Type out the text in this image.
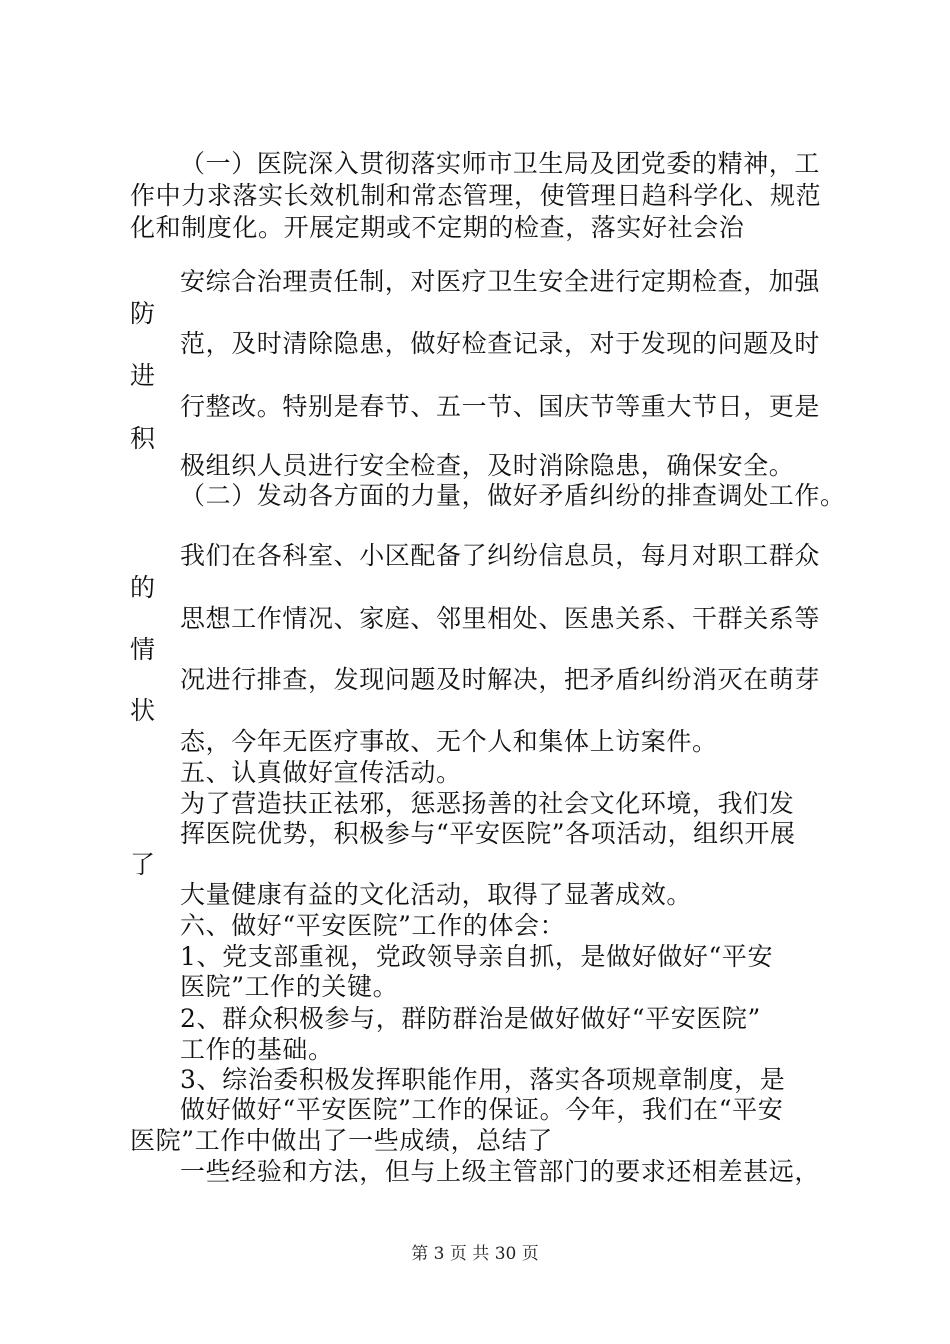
（一）医院深入贯彻落实师市卫生局及团党委的精神，工
作中力求落实长效机制和常态管理，使管理日趋科学化、规范
化和制度化。开展定期或不定期的检查，落实好社会治
安综合治理责任制，对医疗卫生安全进行定期检查，加强
防
范，及时清除隐患，做好检查记录，对于发现的问题及时
进
行整改。特别是春节、五一节、国庆节等重大节日，更是
积
极组织人员进行安全检查，及时消除隐患，确保安全。
（二）发动各方面的力量，做好矛盾纠纷的排查调处工作。
我们在各科室、小区配备了纠纷信息员，每月对职工群众
的
思想工作情况、家庭、邻里相处、医患关系、干群关系等
情
况进行排查，发现问题及时解决，把矛盾纠纷消灭在萌芽
状
态，今年无医疗事故、无个人和集体上访案件。
五、认真做好宣传活动。
为了营造扶正祛邪，惩恶扬善的社会文化环境，我们发
挥医院优势，积极参与“平安医院”各项活动，组织开展
了
大量健康有益的文化活动，取得了显著成效。
六、做好“平安医院”工作的体会：
1、党支部重视，党政领导亲自抓，是做好做好“平安
医院”工作的关键。
2、群众积极参与，群防群治是做好做好“平安医院”
工作的基础。
3、综治委积极发挥职能作用，落实各项规章制度，是
做好做好“平安医院”工作的保证。今年，我们在“平安
医院”工作中做出了一些成绩，总结了
一些经验和方法，但与上级主管部门的要求还相差甚远，
第 3 页 共 30 页
